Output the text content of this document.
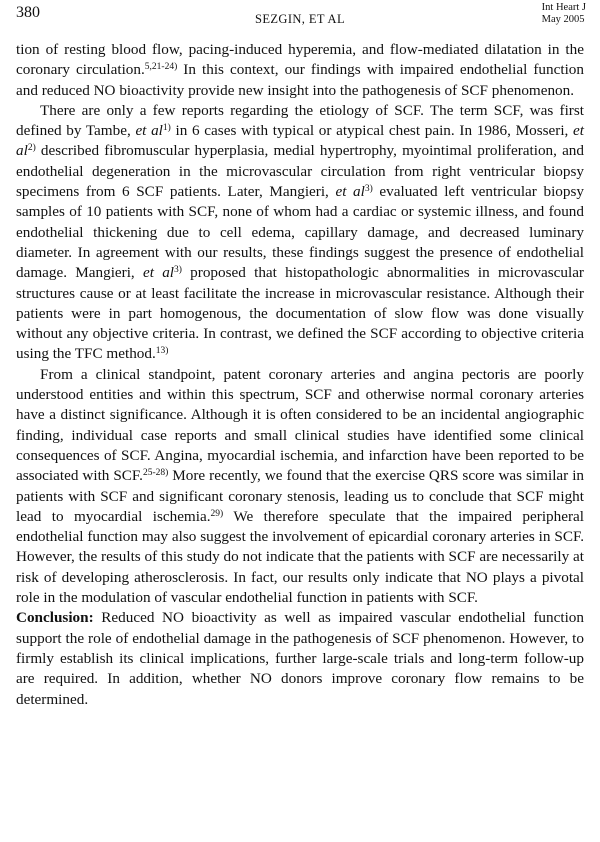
380	SEZGIN, ET AL
Int Heart J
May 2005

tion of resting blood flow, pacing-induced hyperemia, and flow-mediated dilatation in the coronary circulation.$^{5,21-24)}$ In this context, our findings with impaired endothelial function and reduced NO bioactivity provide new insight into the pathogenesis of SCF phenomenon.

There are only a few reports regarding the etiology of SCF. The term SCF, was first defined by Tambe, et $al^{1)}$ in 6 cases with typical or atypical chest pain. In 1986, Mosseri, et $al^{2)}$ described fibromuscular hyperplasia, medial hypertrophy, myointimal proliferation, and endothelial degeneration in the microvascular circulation from right ventricular biopsy specimens from 6 SCF patients. Later, Mangieri, et $al^{3)}$ evaluated left ventricular biopsy samples of 10 patients with SCF, none of whom had a cardiac or systemic illness, and found endothelial thickening due to cell edema, capillary damage, and decreased luminary diameter. In agreement with our results, these findings suggest the presence of endothelial damage. Mangieri, et $al^{3)}$ proposed that histopathologic abnormalities in microvascular structures cause or at least facilitate the increase in microvascular resistance. Although their patients were in part homogenous, the documentation of slow flow was done visually without any objective criteria. In contrast, we defined the SCF according to objective criteria using the TFC method.$^{13)}$

From a clinical standpoint, patent coronary arteries and angina pectoris are poorly understood entities and within this spectrum, SCF and otherwise normal coronary arteries have a distinct significance. Although it is often considered to be an incidental angiographic finding, individual case reports and small clinical studies have identified some clinical consequences of SCF. Angina, myocardial ischemia, and infarction have been reported to be associated with SCF.$^{25-28)}$ More recently, we found that the exercise QRS score was similar in patients with SCF and significant coronary stenosis, leading us to conclude that SCF might lead to myocardial ischemia.$^{29)}$ We therefore speculate that the impaired peripheral endothelial function may also suggest the involvement of epicardial coronary arteries in SCF. However, the results of this study do not indicate that the patients with SCF are necessarily at risk of developing atherosclerosis. In fact, our results only indicate that NO plays a pivotal role in the modulation of vascular endothelial function in patients with SCF.

Conclusion: Reduced NO bioactivity as well as impaired vascular endothelial function support the role of endothelial damage in the pathogenesis of SCF phenomenon. However, to firmly establish its clinical implications, further large-scale trials and long-term follow-up are required. In addition, whether NO donors improve coronary flow remains to be determined.
